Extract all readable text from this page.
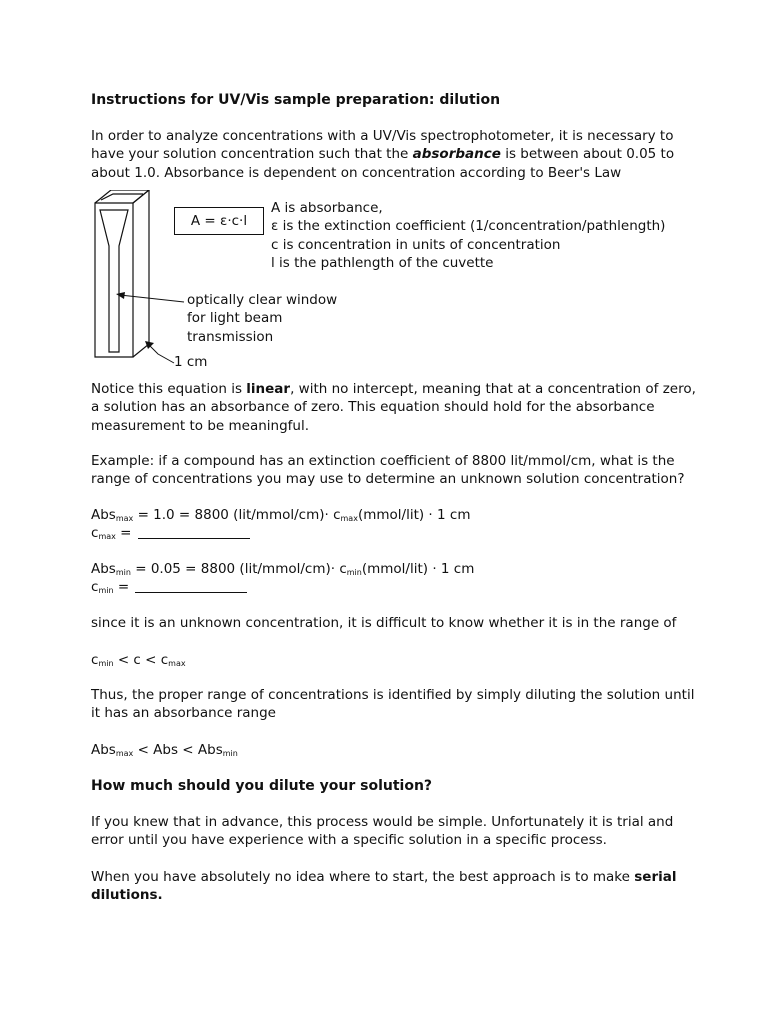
Instructions for UV/Vis sample preparation: dilution
In order to analyze concentrations with a UV/Vis spectrophotometer, it is necessary to
have your solution concentration such that the absorbance is between about 0.05 to
about 1.0. Absorbance is dependent on concentration according to Beer's Law
A = ε·c·l
A is absorbance,
ε is the extinction coefficient (1/concentration/pathlength)
c is concentration in units of concentration
l is the pathlength of the cuvette
optically clear window
for light beam
transmission
1 cm
Notice this equation is linear, with no intercept, meaning that at a concentration of zero,
a solution has an absorbance of zero. This equation should hold for the absorbance
measurement to be meaningful.
Example: if a compound has an extinction coefficient of 8800 lit/mmol/cm, what is the
range of concentrations you may use to determine an unknown solution concentration?
Abs$_{max}$ = 1.0 = 8800 (lit/mmol/cm)· $c_{max}(mmol/lit) \cdot 1$ cm
$c_{max}$ =
Abs$_{min}$ = 0.05 = 8800 (lit/mmol/cm)· $c_{min}(mmol/lit) \cdot 1$ cm
$c_{min}$ =
since it is an unknown concentration, it is difficult to know whether it is in the range of
$c_{min} < c < c_{max}$
Thus, the proper range of concentrations is identified by simply diluting the solution until
it has an absorbance range
Abs$_{max}$ < Abs < Abs$_{min}$
How much should you dilute your solution?
If you knew that in advance, this process would be simple. Unfortunately it is trial and
error until you have experience with a specific solution in a specific process.
When you have absolutely no idea where to start, the best approach is to make serial
dilutions.
